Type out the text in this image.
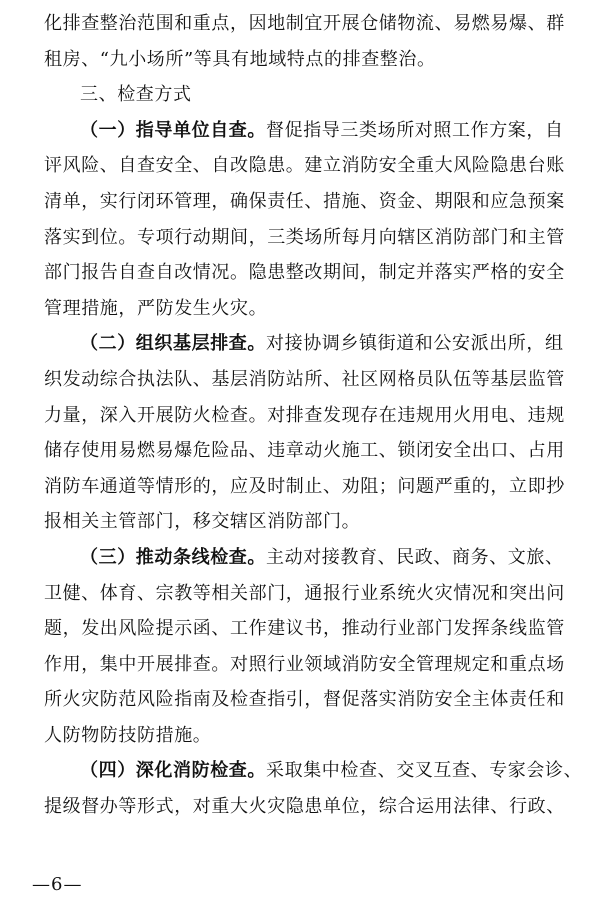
化排查整治范围和重点，因地制宜开展仓储物流、易燃易爆、群
租房、“九小场所”等具有地域特点的排查整治。
三、检查方式
（一）指导单位自查。督促指导三类场所对照工作方案，自
评风险、自查安全、自改隐患。建立消防安全重大风险隐患台账
清单，实行闭环管理，确保责任、措施、资金、期限和应急预案
落实到位。专项行动期间，三类场所每月向辖区消防部门和主管
部门报告自查自改情况。隐患整改期间，制定并落实严格的安全
管理措施，严防发生火灾。
（二）组织基层排查。对接协调乡镇街道和公安派出所，组
织发动综合执法队、基层消防站所、社区网格员队伍等基层监管
力量，深入开展防火检查。对排查发现存在违规用火用电、违规
储存使用易燃易爆危险品、违章动火施工、锁闭安全出口、占用
消防车通道等情形的，应及时制止、劝阻；问题严重的，立即抄
报相关主管部门，移交辖区消防部门。
（三）推动条线检查。主动对接教育、民政、商务、文旅、
卫健、体育、宗教等相关部门，通报行业系统火灾情况和突出问
题，发出风险提示函、工作建议书，推动行业部门发挥条线监管
作用，集中开展排查。对照行业领域消防安全管理规定和重点场
所火灾防范风险指南及检查指引，督促落实消防安全主体责任和
人防物防技防措施。
（四）深化消防检查。采取集中检查、交叉互查、专家会诊、
提级督办等形式，对重大火灾隐患单位，综合运用法律、行政、
—6—
